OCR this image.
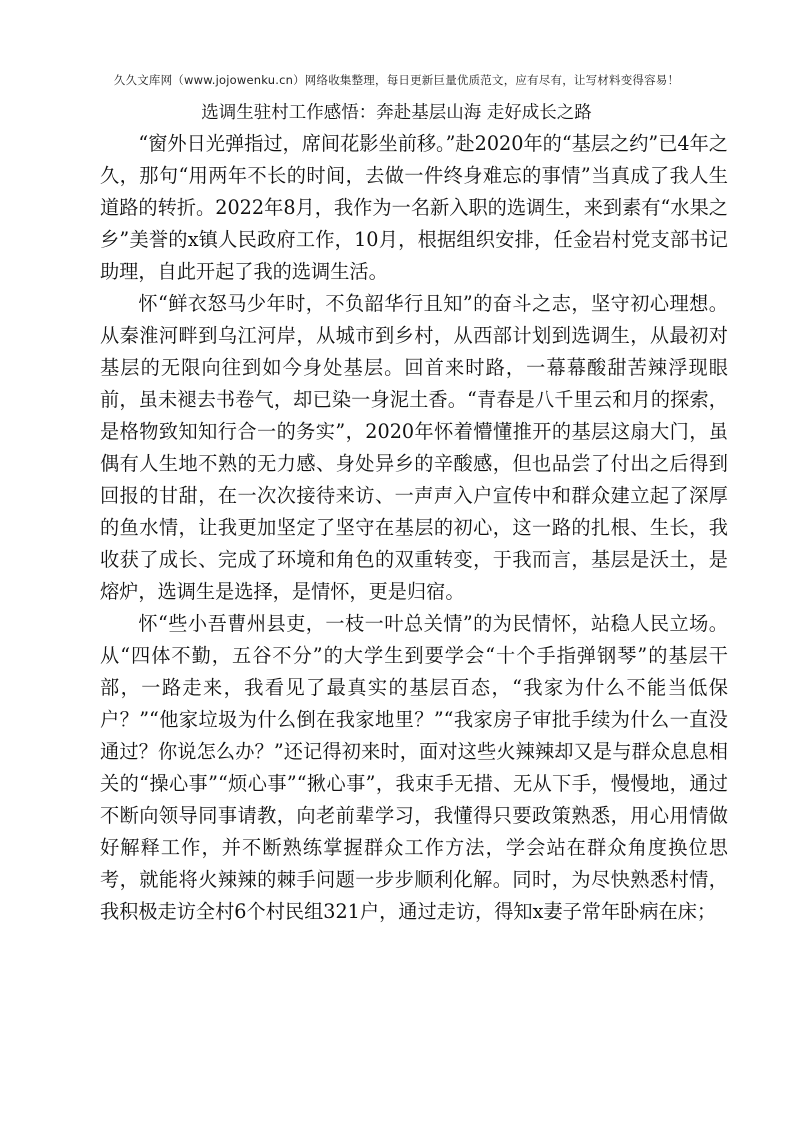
久久文库网（www.jojowenku.cn）网络收集整理，每日更新巨量优质范文，应有尽有，让写材料变得容易！
选调生驻村工作感悟：奔赴基层山海 走好成长之路

“窗外日光弹指过，席间花影坐前移。”赴2020年的“基层之约”已4年之久，那句“用两年不长的时间，去做一件终身难忘的事情”当真成了我人生道路的转折。2022年8月，我作为一名新入职的选调生，来到素有“水果之乡”美誉的x镇人民政府工作，10月，根据组织安排，任金岩村党支部书记助理，自此开起了我的选调生活。

怀“鲜衣怒马少年时，不负韶华行且知”的奋斗之志，坚守初心理想。从秦淮河畔到乌江河岸，从城市到乡村，从西部计划到选调生，从最初对基层的无限向往到如今身处基层。回首来时路，一幕幕酸甜苦辣浮现眼前，虽未褪去书卷气，却已染一身泥土香。“青春是八千里云和月的探索，是格物致知知行合一的务实”，2020年怀着懵懂推开的基层这扇大门，虽偶有人生地不熟的无力感、身处异乡的辛酸感，但也品尝了付出之后得到回报的甘甜，在一次次接待来访、一声声入户宣传中和群众建立起了深厚的鱼水情，让我更加坚定了坚守在基层的初心，这一路的扎根、生长，我收获了成长、完成了环境和角色的双重转变，于我而言，基层是沃土，是熔炉，选调生是选择，是情怀，更是归宿。

怀“些小吾曹州县吏，一枝一叶总关情”的为民情怀，站稳人民立场。从“四体不勤，五谷不分”的大学生到要学会“十个手指弹钢琴”的基层干部，一路走来，我看见了最真实的基层百态，“我家为什么不能当低保户？”“他家垃圾为什么倒在我家地里？”“我家房子审批手续为什么一直没通过？你说怎么办？”还记得初来时，面对这些火辣辣却又是与群众息息相关的“操心事”“烦心事”“揪心事”，我束手无措、无从下手，慢慢地，通过不断向领导同事请教，向老前辈学习，我懂得只要政策熟悉，用心用情做好解释工作，并不断熟练掌握群众工作方法，学会站在群众角度换位思考，就能将火辣辣的棘手问题一步步顺利化解。同时，为尽快熟悉村情，我积极走访全村6个村民组321户，通过走访，得知x妻子常年卧病在床；
